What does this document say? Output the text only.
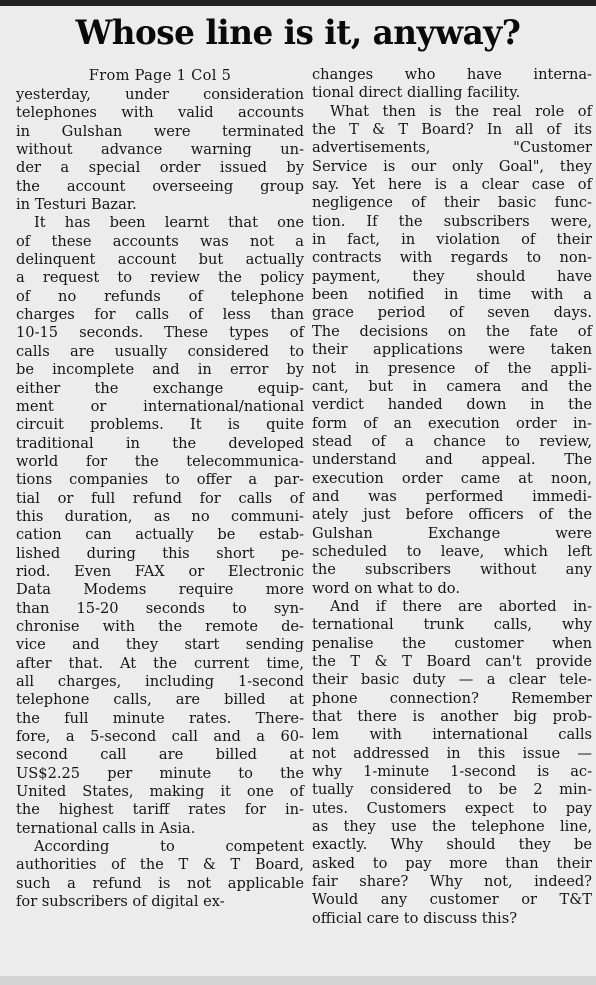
Whose line is it, anyway?

From Page 1 Col 5

yesterday, under consideration
telephones with valid accounts
in Gulshan were terminated
without advance warning un-
der a special order issued by
the account overseeing group
in Testuri Bazar.

It has been learnt that one
of these accounts was not a
delinquent account but actually
a request to review the policy
of no refunds of telephone
charges for calls of less than
10-15 seconds. These types of
calls are usually considered to
be incomplete and in error by
either the exchange equip-
ment or international/national
circuit problems. It is quite
traditional in the developed
world for the telecommunica-
tions companies to offer a par-
tial or full refund for calls of
this duration, as no communi-
cation can actually be estab-
lished during this short pe-
riod. Even FAX or Electronic
Data Modems require more
than 15-20 seconds to syn-
chronise with the remote de-
vice and they start sending
after that. At the current time,
all charges, including 1-second
telephone calls, are billed at
the full minute rates. There-
fore, a 5-second call and a 60-
second call are billed at
US$2.25 per minute to the
United States, making it one of
the highest tariff rates for in-
ternational calls in Asia.

According to competent
authorities of the T & T Board,
such a refund is not applicable
for subscribers of digital ex-

changes who have interna-
tional direct dialling facility.

What then is the real role of
the T & T Board? In all of its
advertisements, "Customer
Service is our only Goal", they
say. Yet here is a clear case of
negligence of their basic func-
tion. If the subscribers were,
in fact, in violation of their
contracts with regards to non-
payment, they should have
been notified in time with a
grace period of seven days.
The decisions on the fate of
their applications were taken
not in presence of the appli-
cant, but in camera and the
verdict handed down in the
form of an execution order in-
stead of a chance to review,
understand and appeal. The
execution order came at noon,
and was performed immedi-
ately just before officers of the
Gulshan Exchange were
scheduled to leave, which left
the subscribers without any
word on what to do.

And if there are aborted in-
ternational trunk calls, why
penalise the customer when
the T & T Board can't provide
their basic duty — a clear tele-
phone connection? Remember
that there is another big prob-
lem with international calls
not addressed in this issue —
why 1-minute 1-second is ac-
tually considered to be 2 min-
utes. Customers expect to pay
as they use the telephone line,
exactly. Why should they be
asked to pay more than their
fair share? Why not, indeed?
Would any customer or T&T
official care to discuss this?
